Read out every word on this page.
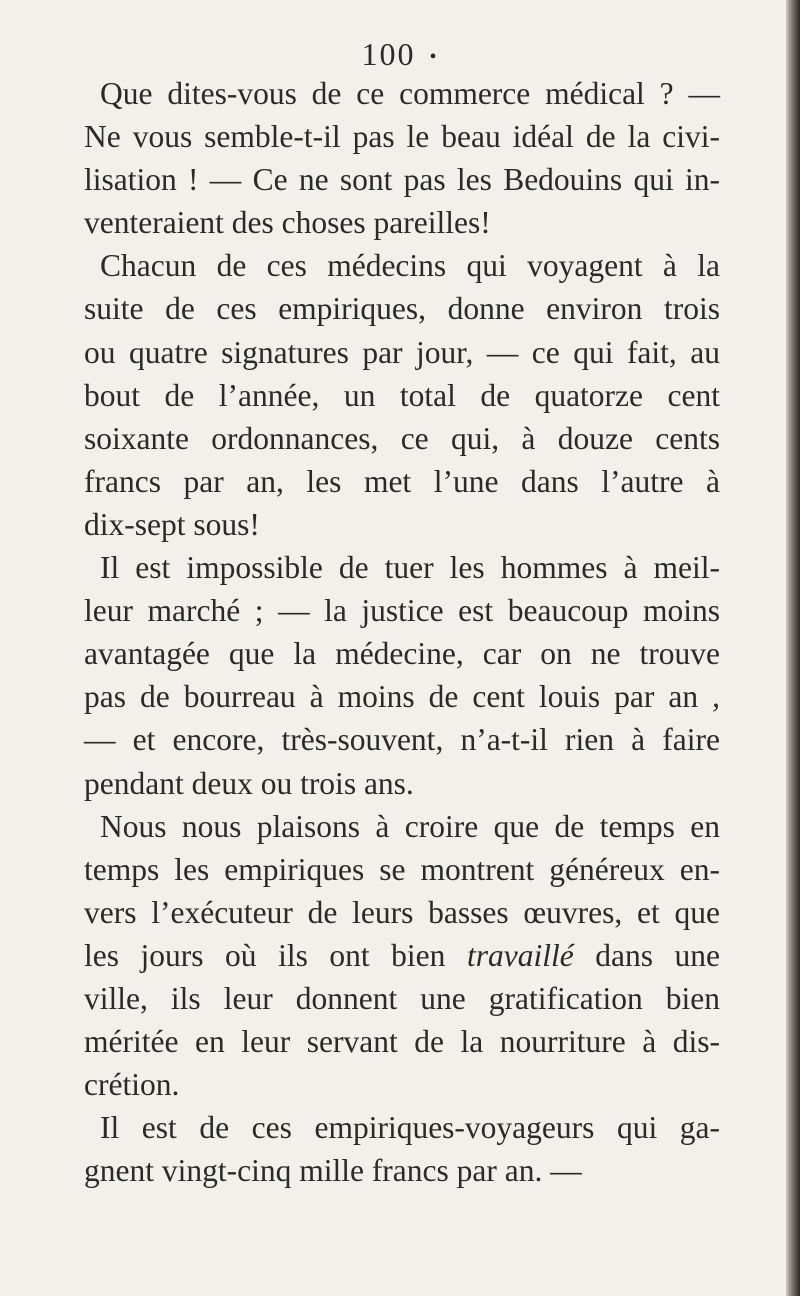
100 •
Que dites-vous de ce commerce médical ? —
Ne vous semble-t-il pas le beau idéal de la civi-
lisation ! — Ce ne sont pas les Bedouins qui in-
venteraient des choses pareilles!
Chacun de ces médecins qui voyagent à la
suite de ces empiriques, donne environ trois
ou quatre signatures par jour, — ce qui fait, au
bout de l’année, un total de quatorze cent
soixante ordonnances, ce qui, à douze cents
francs par an, les met l’une dans l’autre à
dix-sept sous!
Il est impossible de tuer les hommes à meil-
leur marché ; — la justice est beaucoup moins
avantagée que la médecine, car on ne trouve
pas de bourreau à moins de cent louis par an ,
— et encore, très-souvent, n’a-t-il rien à faire
pendant deux ou trois ans.
Nous nous plaisons à croire que de temps en
temps les empiriques se montrent généreux en-
vers l’exécuteur de leurs basses œuvres, et que
les jours où ils ont bien travaillé dans une
ville, ils leur donnent une gratification bien
méritée en leur servant de la nourriture à dis-
crétion.
Il est de ces empiriques-voyageurs qui ga-
gnent vingt-cinq mille francs par an. —
